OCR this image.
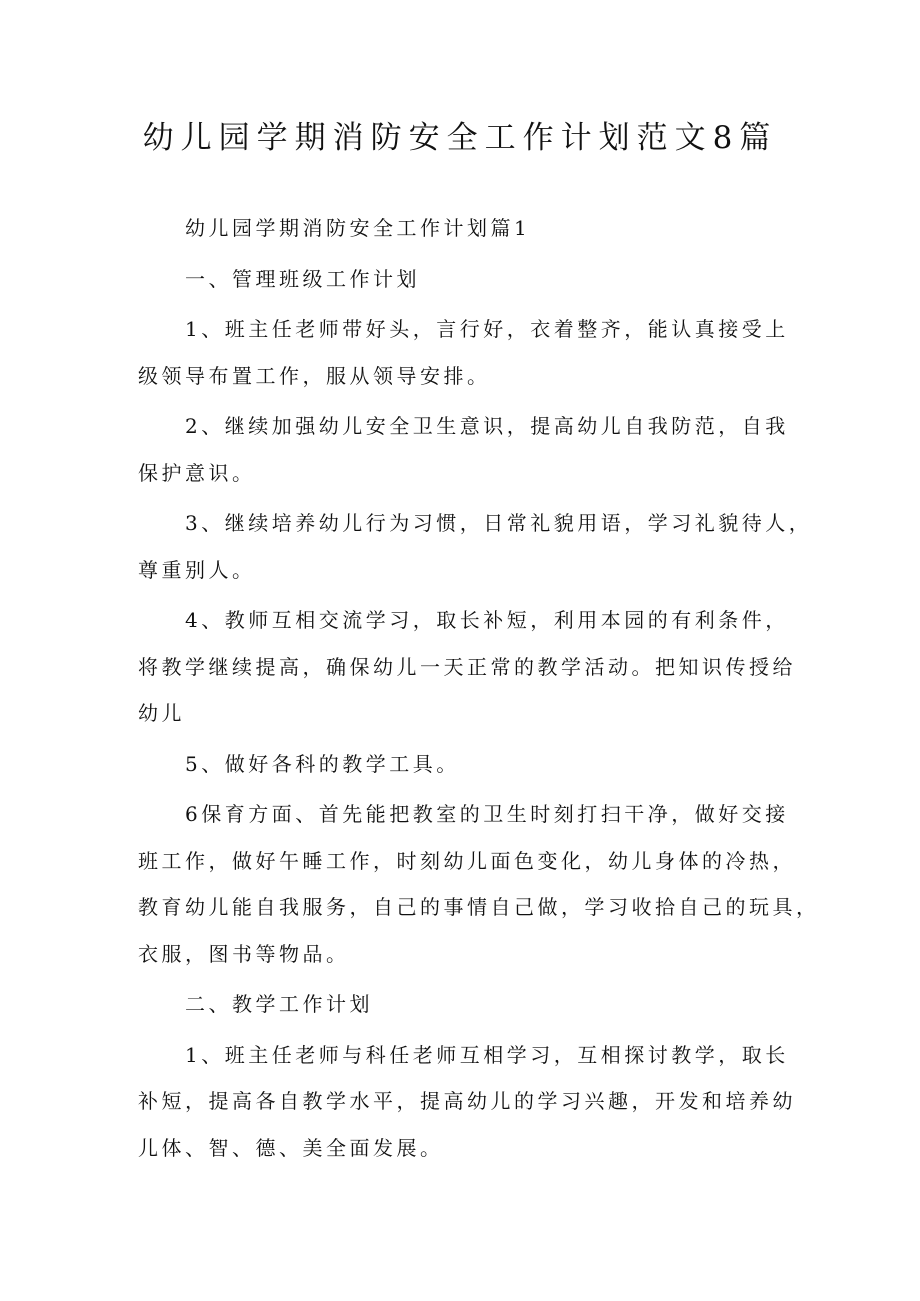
幼儿园学期消防安全工作计划范文8篇
幼儿园学期消防安全工作计划篇1
一、管理班级工作计划
1、班主任老师带好头，言行好，衣着整齐，能认真接受上
级领导布置工作，服从领导安排。
2、继续加强幼儿安全卫生意识，提高幼儿自我防范，自我
保护意识。
3、继续培养幼儿行为习惯，日常礼貌用语，学习礼貌待人，
尊重别人。
4、教师互相交流学习，取长补短，利用本园的有利条件，
将教学继续提高，确保幼儿一天正常的教学活动。把知识传授给
幼儿
5、做好各科的教学工具。
6保育方面、首先能把教室的卫生时刻打扫干净，做好交接
班工作，做好午睡工作，时刻幼儿面色变化，幼儿身体的冷热，
教育幼儿能自我服务，自己的事情自己做，学习收拾自己的玩具，
衣服，图书等物品。
二、教学工作计划
1、班主任老师与科任老师互相学习，互相探讨教学，取长
补短，提高各自教学水平，提高幼儿的学习兴趣，开发和培养幼
儿体、智、德、美全面发展。
